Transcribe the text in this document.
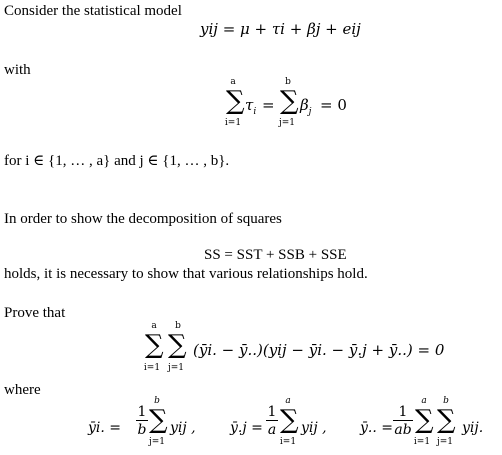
Consider the statistical model
yij = μ + τi + βj + eij
with
a
∑
i=1
$\tau_i$ =
b
∑
j=1
$\beta_j = 0$
for i ∈ {1, … , a} and j ∈ {1, … , b}.
In order to show the decomposition of squares
SS = SST + SSB + SSE
holds, it is necessary to show that various relationships hold.
Prove that
a	b
∑ ∑
i=1 j=1
(ȳi. − ȳ..)(yij − ȳi. − ȳ.j + ȳ..) = 0
where
ȳi. =
1
b
b
∑
j=1
yij , ȳ.j =
1
a
a
∑
i=1
yij , ȳ.. =
1
ab
a	b
∑ ∑
i=1 j=1
yij.
